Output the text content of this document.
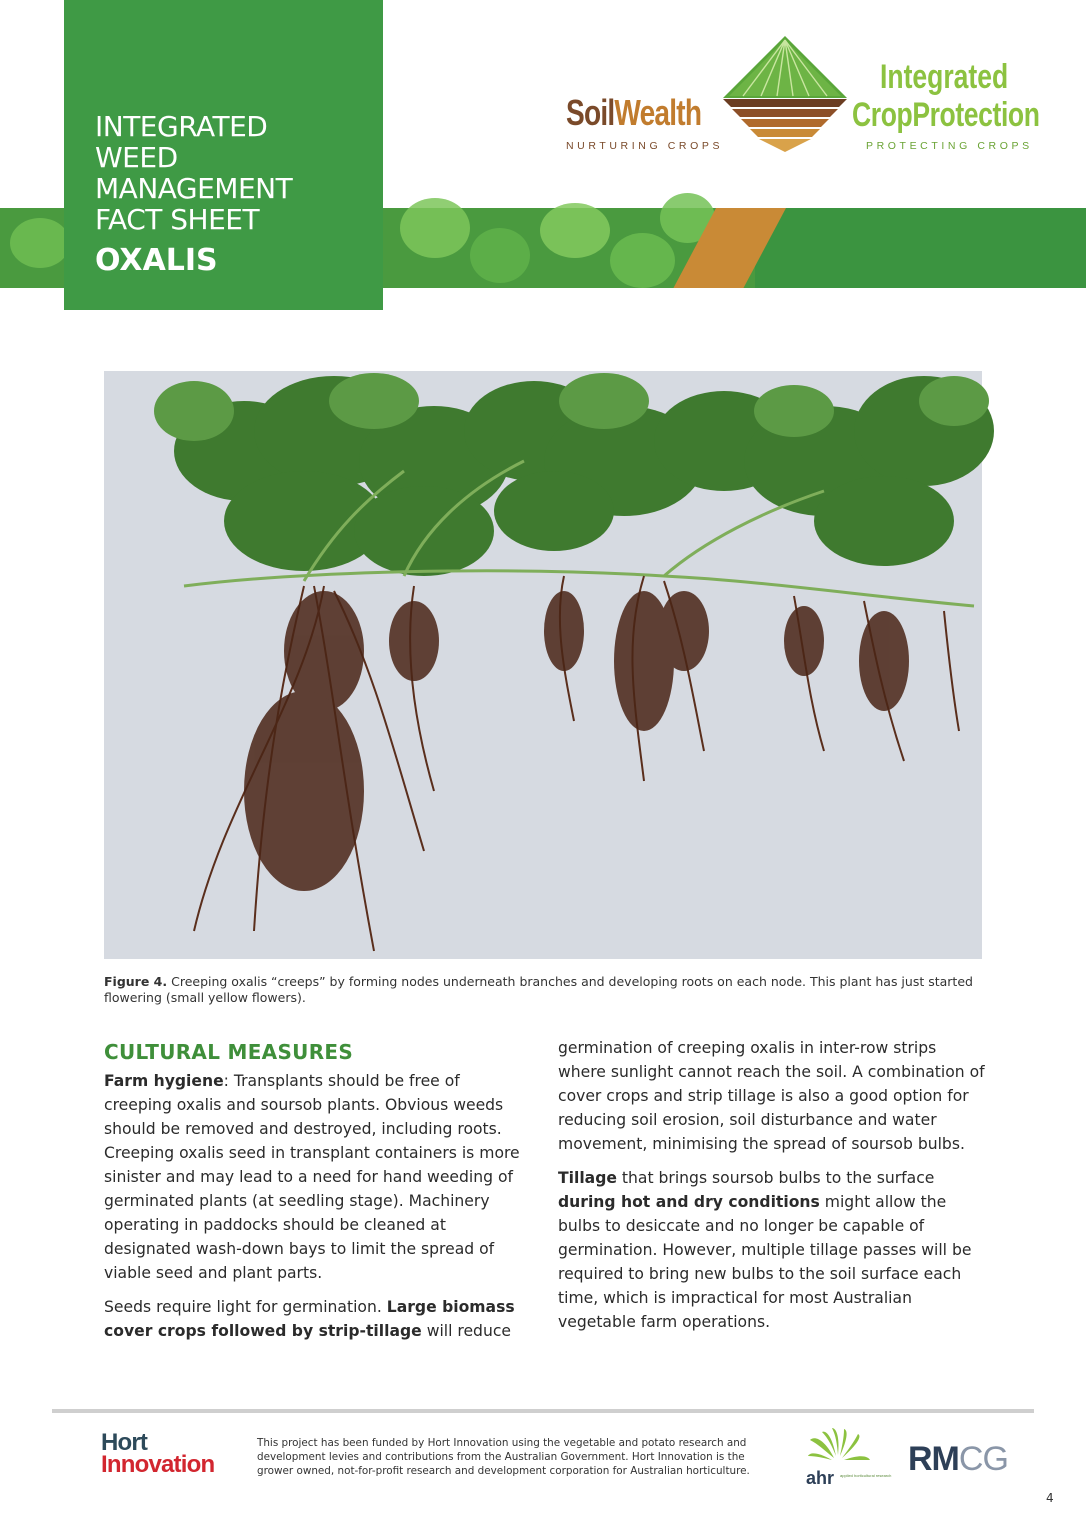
INTEGRATED
WEED
MANAGEMENT
FACT SHEET
OXALIS
SoilWealth
NURTURING CROPS
Integrated
CropProtection
PROTECTING CROPS
Figure 4. Creeping oxalis “creeps” by forming nodes underneath branches and developing roots on each node. This plant has just started flowering (small yellow flowers).
CULTURAL MEASURES

Farm hygiene: Transplants should be free of creeping oxalis and soursob plants. Obvious weeds should be removed and destroyed, including roots. Creeping oxalis seed in transplant containers is more sinister and may lead to a need for hand weeding of germinated plants (at seedling stage). Machinery operating in paddocks should be cleaned at designated wash-down bays to limit the spread of viable seed and plant parts.

Seeds require light for germination. Large biomass cover crops followed by strip-tillage will reduce

germination of creeping oxalis in inter-row strips where sunlight cannot reach the soil. A combination of cover crops and strip tillage is also a good option for reducing soil erosion, soil disturbance and water movement, minimising the spread of soursob bulbs.

Tillage that brings soursob bulbs to the surface during hot and dry conditions might allow the bulbs to desiccate and no longer be capable of germination. However, multiple tillage passes will be required to bring new bulbs to the soil surface each time, which is impractical for most Australian vegetable farm operations.

Hort
Innovation
This project has been funded by Hort Innovation using the vegetable and potato research and development levies and contributions from the Australian Government. Hort Innovation is the grower owned, not-for-profit research and development corporation for Australian horticulture.	ahr applied horticultural research RMCG
4
